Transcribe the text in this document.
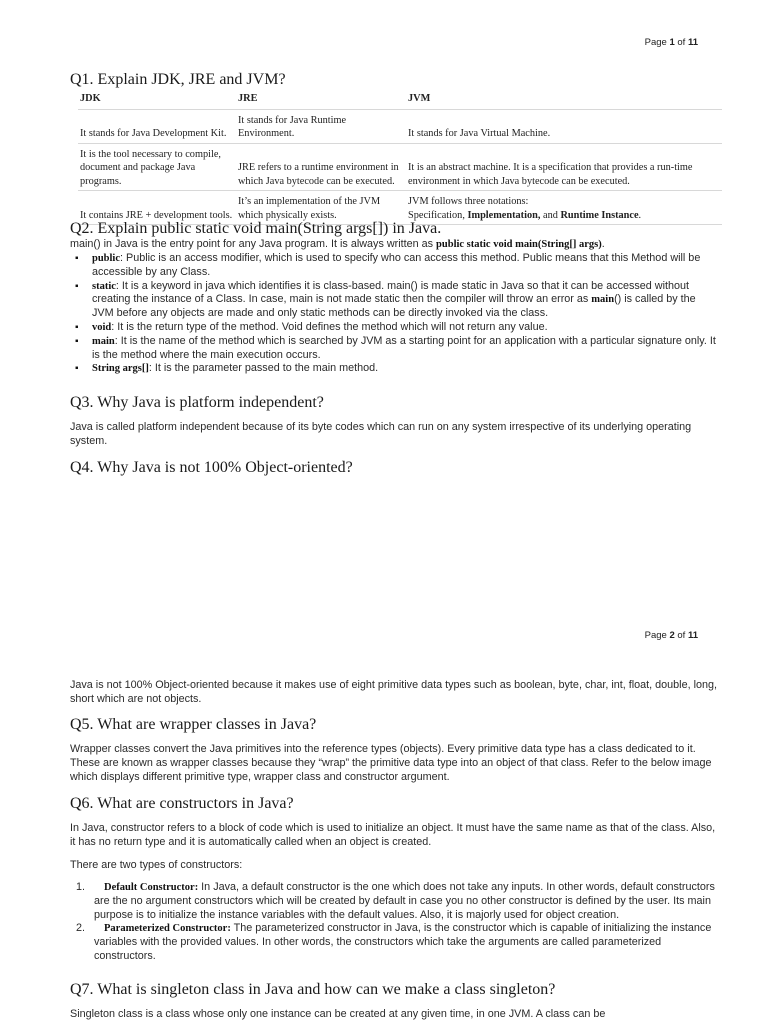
Page 1 of 11
Q1. Explain JDK, JRE and JVM?
JDK	JRE	JVM
It stands for Java Development Kit.	It stands for Java Runtime Environment.	It stands for Java Virtual Machine.
It is the tool necessary to compile, document and package Java programs.	JRE refers to a runtime environment in which Java bytecode can be executed.	It is an abstract machine. It is a specification that provides a run-time environment in which Java bytecode can be executed.
It contains JRE + development tools.	It’s an implementation of the JVM which physically exists.	JVM follows three notations:
Specification, Implementation, and Runtime Instance.
Q2. Explain public static void main(String args[]) in Java.

main() in Java is the entry point for any Java program. It is always written as public static void main(String[] args).

▪ public: Public is an access modifier, which is used to specify who can access this method. Public means that this Method will be accessible by any Class.
▪ static: It is a keyword in java which identifies it is class-based. main() is made static in Java so that it can be accessed without creating the instance of a Class. In case, main is not made static then the compiler will throw an error as main() is called by the JVM before any objects are made and only static methods can be directly invoked via the class.
▪ void: It is the return type of the method. Void defines the method which will not return any value.
▪ main: It is the name of the method which is searched by JVM as a starting point for an application with a particular signature only. It is the method where the main execution occurs.
▪ String args[]: It is the parameter passed to the main method.
Q3. Why Java is platform independent?

Java is called platform independent because of its byte codes which can run on any system irrespective of its underlying operating system.

Q4. Why Java is not 100% Object-oriented?
Page 2 of 11

Java is not 100% Object-oriented because it makes use of eight primitive data types such as boolean, byte, char, int, float, double, long, short which are not objects.

Q5. What are wrapper classes in Java?

Wrapper classes convert the Java primitives into the reference types (objects). Every primitive data type has a class dedicated to it. These are known as wrapper classes because they “wrap” the primitive data type into an object of that class. Refer to the below image which displays different primitive type, wrapper class and constructor argument.

Q6. What are constructors in Java?

In Java, constructor refers to a block of code which is used to initialize an object. It must have the same name as that of the class. Also, it has no return type and it is automatically called when an object is created.

There are two types of constructors:

1. Default Constructor: In Java, a default constructor is the one which does not take any inputs. In other words, default constructors are the no argument constructors which will be created by default in case you no other constructor is defined by the user. Its main purpose is to initialize the instance variables with the default values. Also, it is majorly used for object creation.
2. Parameterized Constructor: The parameterized constructor in Java, is the constructor which is capable of initializing the instance variables with the provided values. In other words, the constructors which take the arguments are called parameterized constructors.
Q7. What is singleton class in Java and how can we make a class singleton?

Singleton class is a class whose only one instance can be created at any given time, in one JVM. A class can be
